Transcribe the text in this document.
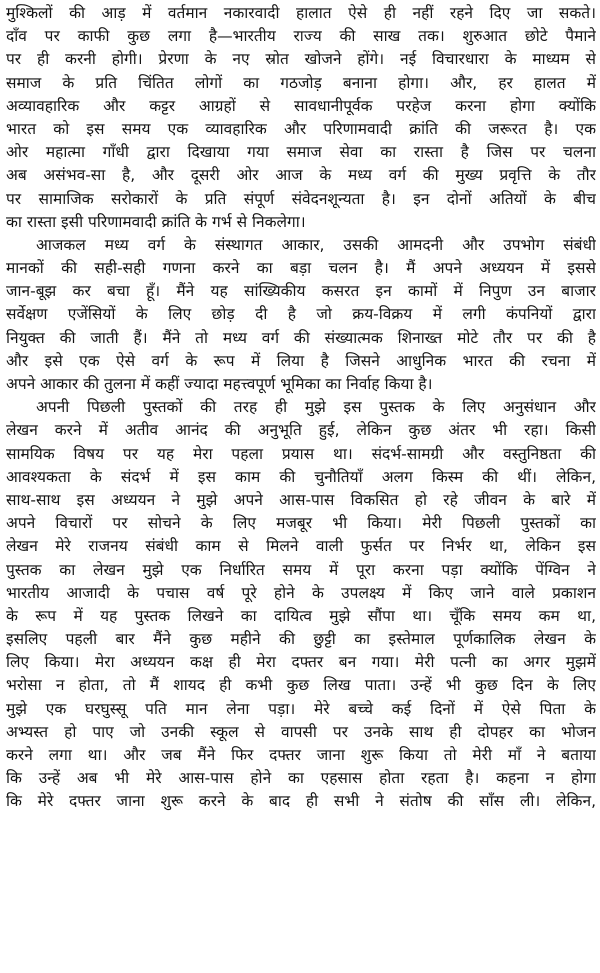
मुश्किलों की आड़ में वर्तमान नकारवादी हालात ऐसे ही नहीं रहने दिए जा सकते।
दाँव पर काफी कुछ लगा है—भारतीय राज्य की साख तक। शुरुआत छोटे पैमाने
पर ही करनी होगी। प्रेरणा के नए स्रोत खोजने होंगे। नई विचारधारा के माध्यम से
समाज के प्रति चिंतित लोगों का गठजोड़ बनाना होगा। और, हर हालत में
अव्यावहारिक और कट्टर आग्रहों से सावधानीपूर्वक परहेज करना होगा क्योंकि
भारत को इस समय एक व्यावहारिक और परिणामवादी क्रांति की जरूरत है। एक
ओर महात्मा गाँधी द्वारा दिखाया गया समाज सेवा का रास्ता है जिस पर चलना
अब असंभव-सा है, और दूसरी ओर आज के मध्य वर्ग की मुख्य प्रवृत्ति के तौर
पर सामाजिक सरोकारों के प्रति संपूर्ण संवेदनशून्यता है। इन दोनों अतियों के बीच
का रास्ता इसी परिणामवादी क्रांति के गर्भ से निकलेगा।
आजकल मध्य वर्ग के संस्थागत आकार, उसकी आमदनी और उपभोग संबंधी
मानकों की सही-सही गणना करने का बड़ा चलन है। मैं अपने अध्ययन में इससे
जान-बूझ कर बचा हूँ। मैंने यह सांख्यिकीय कसरत इन कामों में निपुण उन बाजार
सर्वेक्षण एजेंसियों के लिए छोड़ दी है जो क्रय-विक्रय में लगी कंपनियों द्वारा
नियुक्त की जाती हैं। मैंने तो मध्य वर्ग की संख्यात्मक शिनाख्त मोटे तौर पर की है
और इसे एक ऐसे वर्ग के रूप में लिया है जिसने आधुनिक भारत की रचना में
अपने आकार की तुलना में कहीं ज्यादा महत्त्वपूर्ण भूमिका का निर्वाह किया है।
अपनी पिछली पुस्तकों की तरह ही मुझे इस पुस्तक के लिए अनुसंधान और
लेखन करने में अतीव आनंद की अनुभूति हुई, लेकिन कुछ अंतर भी रहा। किसी
सामयिक विषय पर यह मेरा पहला प्रयास था। संदर्भ-सामग्री और वस्तुनिष्ठता की
आवश्यकता के संदर्भ में इस काम की चुनौतियाँ अलग किस्म की थीं। लेकिन,
साथ-साथ इस अध्ययन ने मुझे अपने आस-पास विकसित हो रहे जीवन के बारे में
अपने विचारों पर सोचने के लिए मजबूर भी किया। मेरी पिछली पुस्तकों का
लेखन मेरे राजनय संबंधी काम से मिलने वाली फुर्सत पर निर्भर था, लेकिन इस
पुस्तक का लेखन मुझे एक निर्धारित समय में पूरा करना पड़ा क्योंकि पेंग्विन ने
भारतीय आजादी के पचास वर्ष पूरे होने के उपलक्ष्य में किए जाने वाले प्रकाशन
के रूप में यह पुस्तक लिखने का दायित्व मुझे सौंपा था। चूँकि समय कम था,
इसलिए पहली बार मैंने कुछ महीने की छुट्टी का इस्तेमाल पूर्णकालिक लेखन के
लिए किया। मेरा अध्ययन कक्ष ही मेरा दफ्तर बन गया। मेरी पत्नी का अगर मुझमें
भरोसा न होता, तो मैं शायद ही कभी कुछ लिख पाता। उन्हें भी कुछ दिन के लिए
मुझे एक घरघुस्सू पति मान लेना पड़ा। मेरे बच्चे कई दिनों में ऐसे पिता के
अभ्यस्त हो पाए जो उनकी स्कूल से वापसी पर उनके साथ ही दोपहर का भोजन
करने लगा था। और जब मैंने फिर दफ्तर जाना शुरू किया तो मेरी माँ ने बताया
कि उन्हें अब भी मेरे आस-पास होने का एहसास होता रहता है। कहना न होगा
कि मेरे दफ्तर जाना शुरू करने के बाद ही सभी ने संतोष की साँस ली। लेकिन,
